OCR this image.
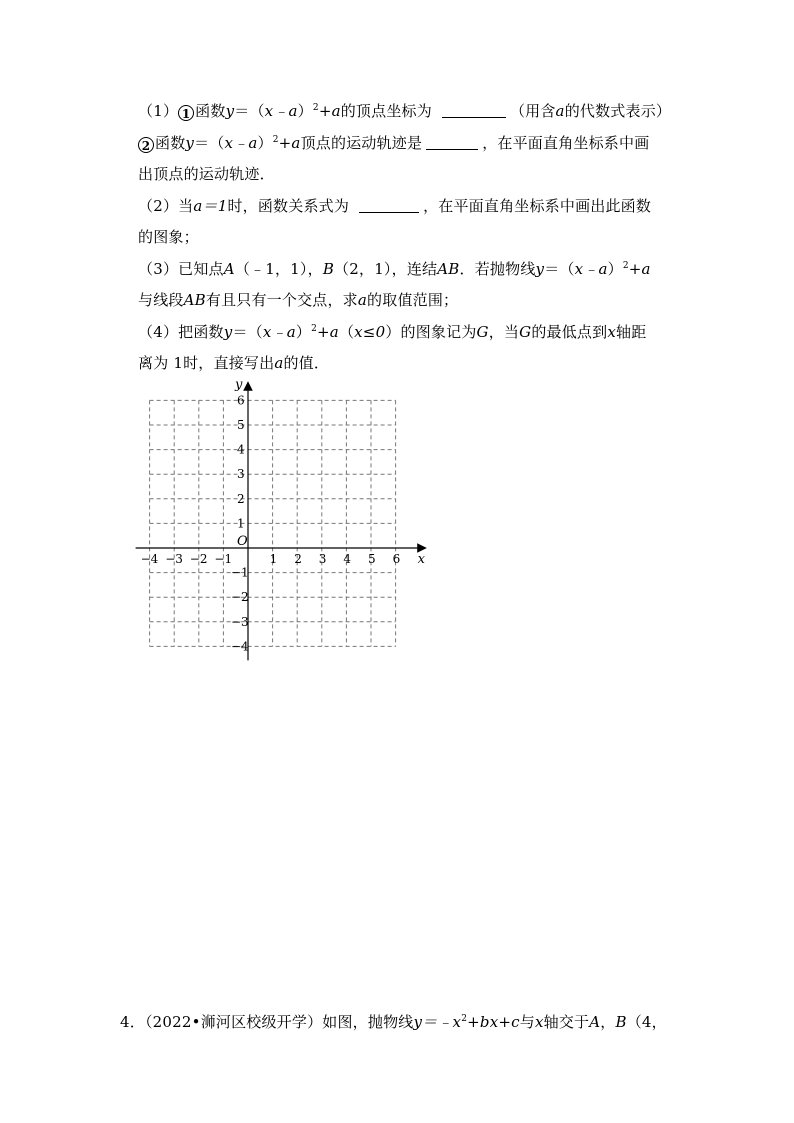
（1） 1 函数y＝（x﹣a）$^2$+a的顶点坐标为	（用含a的代数式表示）
2 函数y＝（x﹣a）$^2$+a顶点的运动轨迹是	，在平面直角坐标系中画
出顶点的运动轨迹．
（2）当a＝1时，函数关系式为	，在平面直角坐标系中画出此函数
的图象；
（3）已知点A（﹣1，1），B（2，1），连结AB．若抛物线y＝（x﹣a）$^2$+a
与线段AB有且只有一个交点，求a的取值范围；
（4）把函数y＝（x﹣a）$^2$+a（x≤0）的图象记为G，当G的最低点到x轴距
离为 1时，直接写出a的值．
x
y
O
−4 −3 −2 −1	1 2 3 4 5 6
−4
−3
−2
−1
1
2
3
4
5
6
4．（2022•浉河区校级开学）如图，抛物线$y=﹣x^2+bx+c$与x轴交于A，B（4，
